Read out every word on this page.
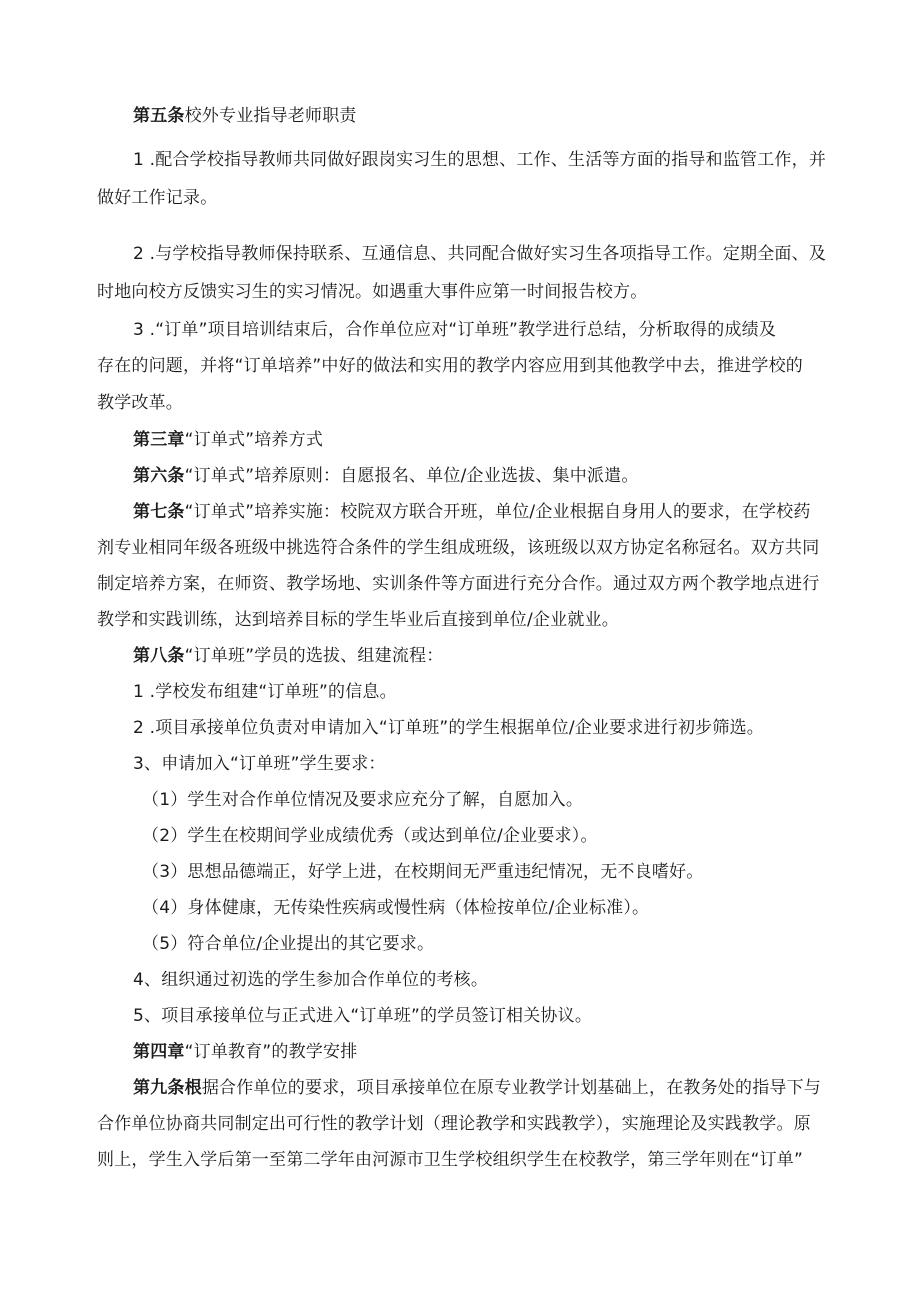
第五条校外专业指导老师职责
1 .配合学校指导教师共同做好跟岗实习生的思想、工作、生活等方面的指导和监管工作，并
做好工作记录。
2 .与学校指导教师保持联系、互通信息、共同配合做好实习生各项指导工作。定期全面、及
时地向校方反馈实习生的实习情况。如遇重大事件应第一时间报告校方。
3 .“订单”项目培训结束后，合作单位应对“订单班”教学进行总结，分析取得的成绩及
存在的问题，并将“订单培养”中好的做法和实用的教学内容应用到其他教学中去，推进学校的
教学改革。
第三章“订单式”培养方式
第六条“订单式”培养原则：自愿报名、单位/企业选拔、集中派遣。
第七条“订单式”培养实施：校院双方联合开班，单位/企业根据自身用人的要求，在学校药
剂专业相同年级各班级中挑选符合条件的学生组成班级，该班级以双方协定名称冠名。双方共同
制定培养方案，在师资、教学场地、实训条件等方面进行充分合作。通过双方两个教学地点进行
教学和实践训练，达到培养目标的学生毕业后直接到单位/企业就业。
第八条“订单班”学员的选拔、组建流程：
1 .学校发布组建“订单班”的信息。
2 .项目承接单位负责对申请加入“订单班”的学生根据单位/企业要求进行初步筛选。
3、申请加入“订单班”学生要求：
（1）学生对合作单位情况及要求应充分了解，自愿加入。
（2）学生在校期间学业成绩优秀（或达到单位/企业要求）。
（3）思想品德端正，好学上进，在校期间无严重违纪情况，无不良嗜好。
（4）身体健康，无传染性疾病或慢性病（体检按单位/企业标准）。
（5）符合单位/企业提出的其它要求。
4、组织通过初选的学生参加合作单位的考核。
5、项目承接单位与正式进入“订单班”的学员签订相关协议。
第四章“订单教育”的教学安排
第九条根据合作单位的要求，项目承接单位在原专业教学计划基础上，在教务处的指导下与
合作单位协商共同制定出可行性的教学计划（理论教学和实践教学），实施理论及实践教学。原
则上，学生入学后第一至第二学年由河源市卫生学校组织学生在校教学，第三学年则在“订单”
